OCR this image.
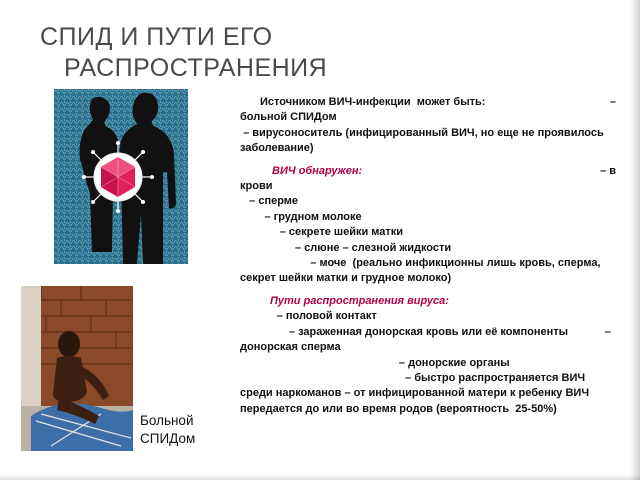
СПИД И ПУТИ ЕГО
РАСПРОСТРАНЕНИЯ
Больной
СПИДом
–
Источником ВИЧ-инфекции  может быть:
больной СПИДом
– вирусоноситель (инфицированный ВИЧ, но еще не проявилось заболевание)
– в
ВИЧ обнаружен:
крови
– сперме
– грудном молоке
– секрете шейки матки
– слюне – слезной жидкости
– моче  (реально инфикционны лишь кровь, сперма, секрет шейки матки и грудное молоко)
Пути распространения вируса:
– половой контакт
– зараженная донорская кровь или её компоненты            – донорская сперма
– донорские органы
– быстро распространяется ВИЧ среди наркоманов – от инфицированной матери к ребенку ВИЧ  передается до или во время родов (вероятность  25-50%)
